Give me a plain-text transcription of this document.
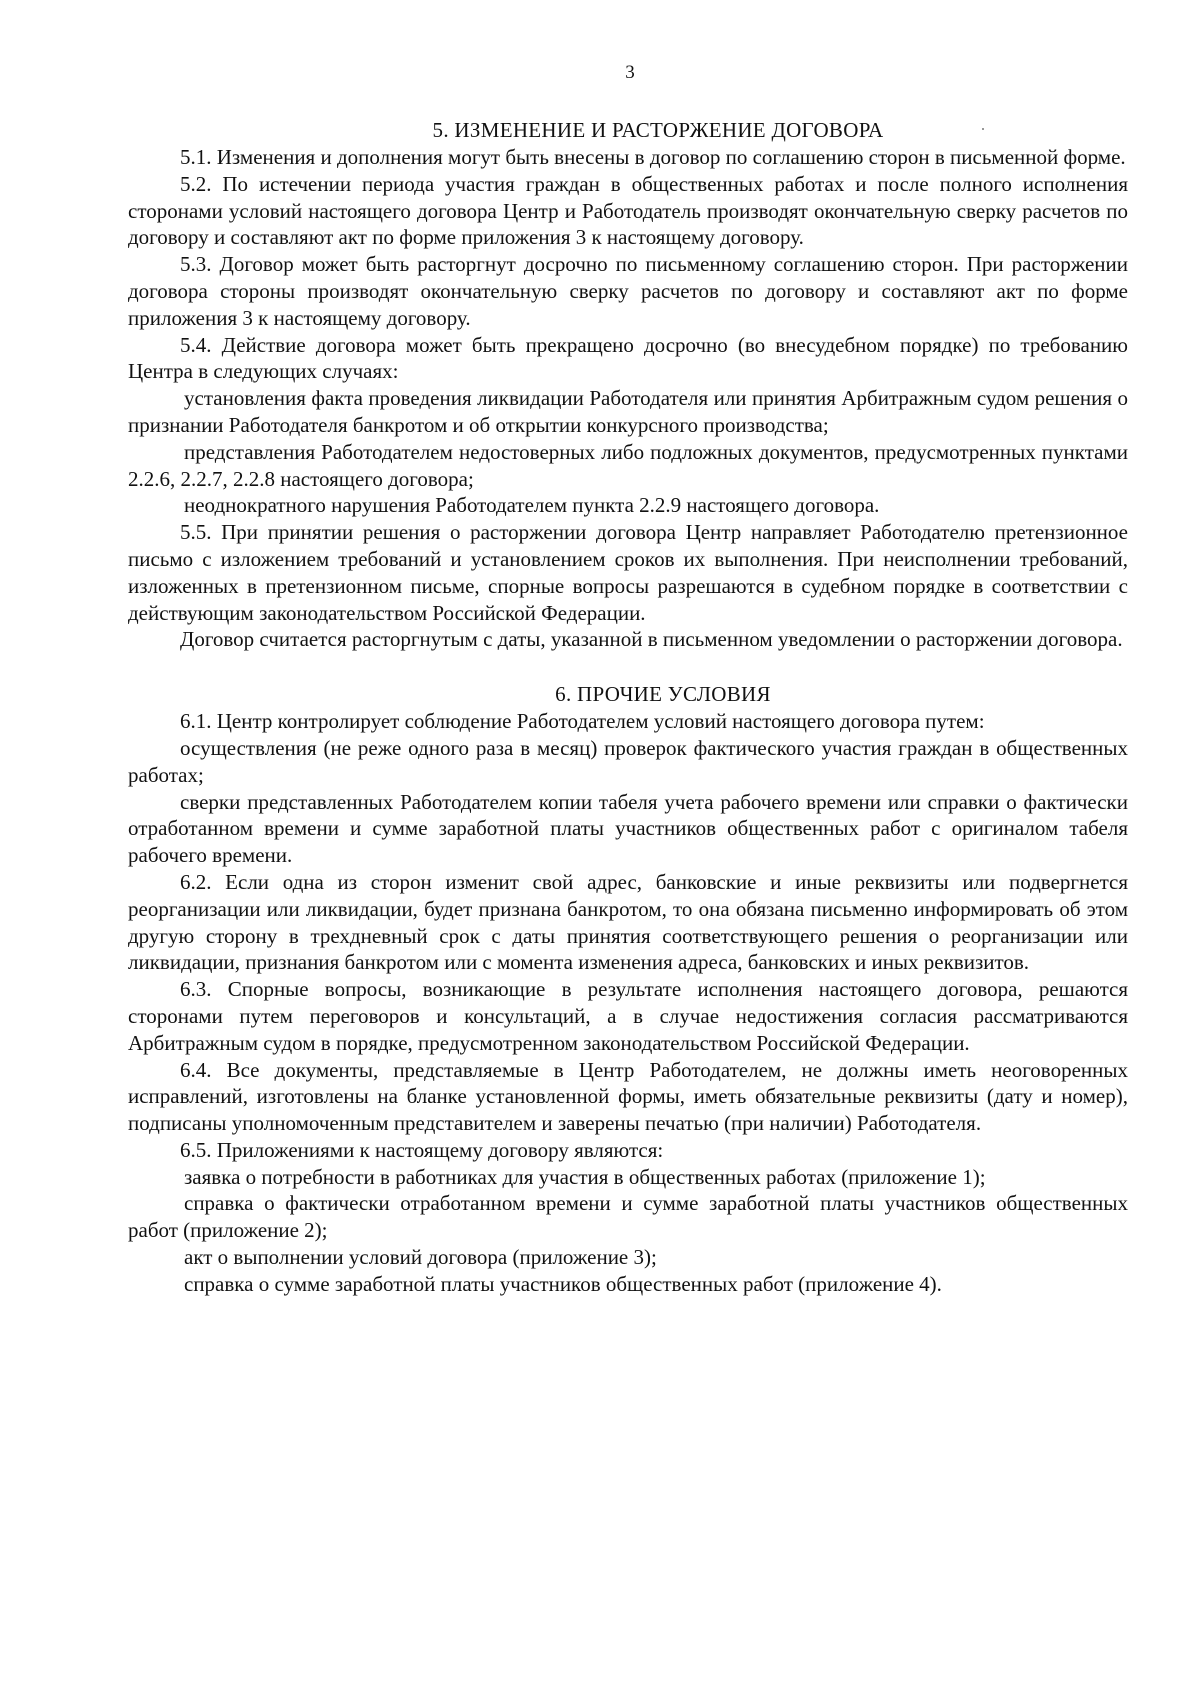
3
5. ИЗМЕНЕНИЕ И РАСТОРЖЕНИЕ ДОГОВОРА

5.1. Изменения и дополнения могут быть внесены в договор по соглашению сторон в письменной форме.

5.2. По истечении периода участия граждан в общественных работах и после полного исполнения сторонами условий настоящего договора Центр и Работодатель производят окончательную сверку расчетов по договору и составляют акт по форме приложения 3 к настоящему договору.

5.3. Договор может быть расторгнут досрочно по письменному соглашению сторон. При расторжении договора стороны производят окончательную сверку расчетов по договору и составляют акт по форме приложения 3 к настоящему договору.

5.4. Действие договора может быть прекращено досрочно (во внесудебном порядке) по требованию Центра в следующих случаях:

установления факта проведения ликвидации Работодателя или принятия Арбитражным судом решения о признании Работодателя банкротом и об открытии конкурсного производства;

представления Работодателем недостоверных либо подложных документов, предусмотренных пунктами 2.2.6, 2.2.7, 2.2.8 настоящего договора;

неоднократного нарушения Работодателем пункта 2.2.9 настоящего договора.

5.5. При принятии решения о расторжении договора Центр направляет Работодателю претензионное письмо с изложением требований и установлением сроков их выполнения. При неисполнении требований, изложенных в претензионном письме, спорные вопросы разрешаются в судебном порядке в соответствии с действующим законодательством Российской Федерации.

Договор считается расторгнутым с даты, указанной в письменном уведомлении о расторжении договора.

6. ПРОЧИЕ УСЛОВИЯ

6.1. Центр контролирует соблюдение Работодателем условий настоящего договора путем:

осуществления (не реже одного раза в месяц) проверок фактического участия граждан в общественных работах;

сверки представленных Работодателем копии табеля учета рабочего времени или справки о фактически отработанном времени и сумме заработной платы участников общественных работ с оригиналом табеля рабочего времени.

6.2. Если одна из сторон изменит свой адрес, банковские и иные реквизиты или подвергнется реорганизации или ликвидации, будет признана банкротом, то она обязана письменно информировать об этом другую сторону в трехдневный срок с даты принятия соответствующего решения о реорганизации или ликвидации, признания банкротом или с момента изменения адреса, банковских и иных реквизитов.

6.3. Спорные вопросы, возникающие в результате исполнения настоящего договора, решаются сторонами путем переговоров и консультаций, а в случае недостижения согласия рассматриваются Арбитражным судом в порядке, предусмотренном законодательством Российской Федерации.

6.4. Все документы, представляемые в Центр Работодателем, не должны иметь неоговоренных исправлений, изготовлены на бланке установленной формы, иметь обязательные реквизиты (дату и номер), подписаны уполномоченным представителем и заверены печатью (при наличии) Работодателя.

6.5. Приложениями к настоящему договору являются:

заявка о потребности в работниках для участия в общественных работах (приложение 1);

справка о фактически отработанном времени и сумме заработной платы участников общественных работ (приложение 2);

акт о выполнении условий договора (приложение 3);

справка о сумме заработной платы участников общественных работ (приложение 4).
